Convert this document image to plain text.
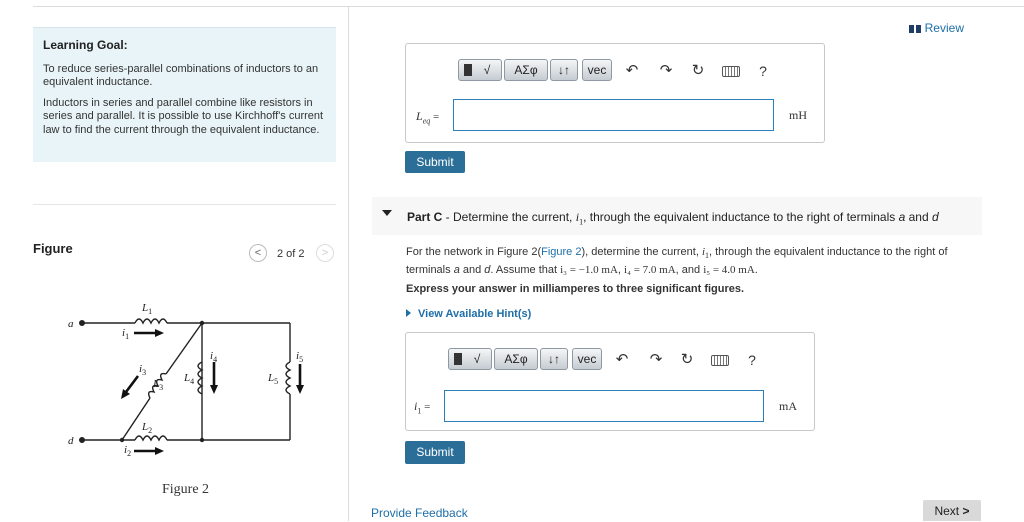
Learning Goal:

To reduce series-parallel combinations of inductors to an equivalent inductance.

Inductors in series and parallel combine like resistors in series and parallel. It is possible to use Kirchhoff's current law to find the current through the equivalent inductance.

Figure	<	2 of 2	>
a
d
$L_1$
$L_2$
$L_3$
$L_4$	$L_5$
$i_1$
$i_2$
$i_3$
$i_4$	$i_5$
Figure 2
Review
√	ΑΣφ	↓↑	vec	↶ ↷ ↻	?
$L_{eq}$ =	mH
Submit
Part C - Determine the current, $i_1$, through the equivalent inductance to the right of terminals a and d
For the network in Figure 2(Figure 2), determine the current, $i_1$, through the equivalent inductance to the right of
terminals a and d. Assume that i₃ = −1.0 mA, i₄ = 7.0 mA, and i₅ = 4.0 mA.
Express your answer in milliamperes to three significant figures.
View Available Hint(s)
√	ΑΣφ	↓↑	vec	↶ ↷ ↻	?
$i_1$ =	mA
Submit
Provide Feedback	Next >
